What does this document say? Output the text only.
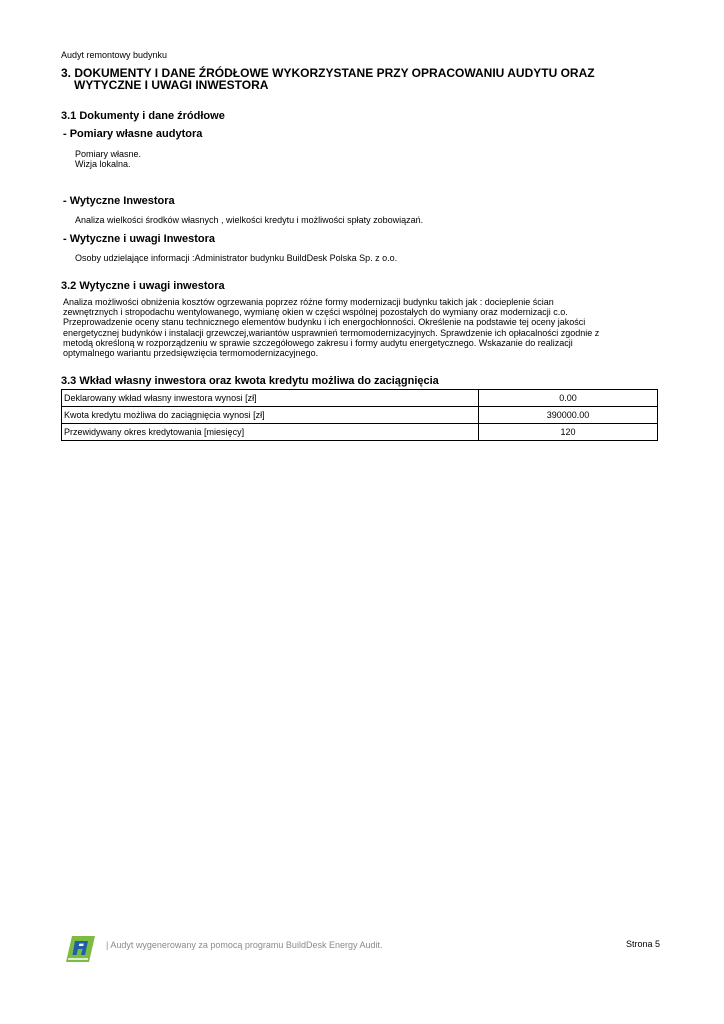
Audyt remontowy budynku
3. DOKUMENTY I DANE ŹRÓDŁOWE WYKORZYSTANE PRZY OPRACOWANIU AUDYTU ORAZ
WYTYCZNE I UWAGI INWESTORA
3.1 Dokumenty i dane źródłowe
- Pomiary własne audytora
Pomiary własne.
Wizja lokalna.
- Wytyczne Inwestora
Analiza wielkości środków własnych , wielkości kredytu i możliwości spłaty zobowiązań.
- Wytyczne i uwagi Inwestora
Osoby udzielające informacji :Administrator budynku BuildDesk Polska Sp. z o.o.
3.2 Wytyczne i uwagi inwestora
Analiza możliwości obniżenia kosztów ogrzewania poprzez różne formy modernizacji budynku takich jak : docieplenie ścian
zewnętrznych i stropodachu wentylowanego, wymianę okien w części wspólnej pozostałych do wymiany oraz modernizacji c.o.
Przeprowadzenie oceny stanu technicznego elementów budynku i ich energochłonności. Określenie na podstawie tej oceny jakości
energetycznej budynków i instalacji grzewczej,wariantów usprawnień termomodernizacyjnych. Sprawdzenie ich opłacalności zgodnie z
metodą określoną w rozporządzeniu w sprawie szczegółowego zakresu i formy audytu energetycznego. Wskazanie do realizacji
optymalnego wariantu przedsięwzięcia termomodernizacyjnego.
3.3 Wkład własny inwestora oraz kwota kredytu możliwa do zaciągnięcia
Deklarowany wkład własny inwestora wynosi [zł]	0.00
Kwota kredytu możliwa do zaciągnięcia wynosi [zł]	390000.00
Przewidywany okres kredytowania [miesięcy]	120
| Audyt wygenerowany za pomocą programu BuildDesk Energy Audit.	Strona 5
